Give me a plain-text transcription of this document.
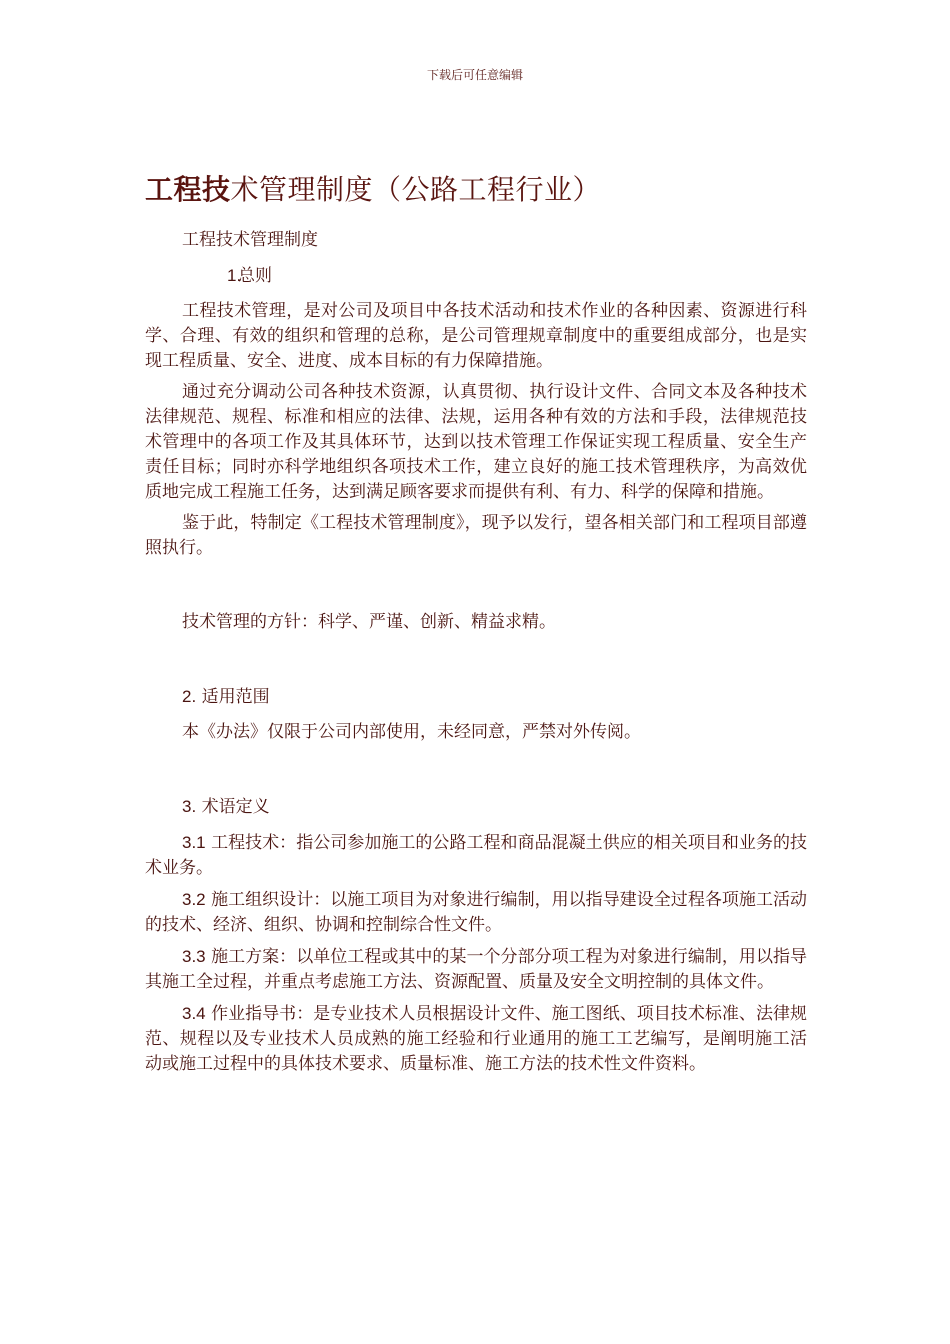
下载后可任意编辑
工程技术管理制度（公路工程行业）

工程技术管理制度

1.总则

工程技术管理，是对公司及项目中各技术活动和技术作业的各种因素、资源进行科学、合理、有效的组织和管理的总称，是公司管理规章制度中的重要组成部分，也是实现工程质量、安全、进度、成本目标的有力保障措施。

通过充分调动公司各种技术资源，认真贯彻、执行设计文件、合同文本及各种技术法律规范、规程、标准和相应的法律、法规，运用各种有效的方法和手段，法律规范技术管理中的各项工作及其具体环节，达到以技术管理工作保证实现工程质量、安全生产责任目标；同时亦科学地组织各项技术工作，建立良好的施工技术管理秩序，为高效优质地完成工程施工任务，达到满足顾客要求而提供有利、有力、科学的保障和措施。

鉴于此，特制定《工程技术管理制度》，现予以发行，望各相关部门和工程项目部遵照执行。

技术管理的方针：科学、严谨、创新、精益求精。

2. 适用范围

本《办法》仅限于公司内部使用，未经同意，严禁对外传阅。

3. 术语定义

3.1 工程技术：指公司参加施工的公路工程和商品混凝土供应的相关项目和业务的技术业务。

3.2 施工组织设计：以施工项目为对象进行编制，用以指导建设全过程各项施工活动的技术、经济、组织、协调和控制综合性文件。

3.3 施工方案：以单位工程或其中的某一个分部分项工程为对象进行编制，用以指导其施工全过程，并重点考虑施工方法、资源配置、质量及安全文明控制的具体文件。

3.4 作业指导书：是专业技术人员根据设计文件、施工图纸、项目技术标准、法律规范、规程以及专业技术人员成熟的施工经验和行业通用的施工工艺编写，是阐明施工活动或施工过程中的具体技术要求、质量标准、施工方法的技术性文件资料。
